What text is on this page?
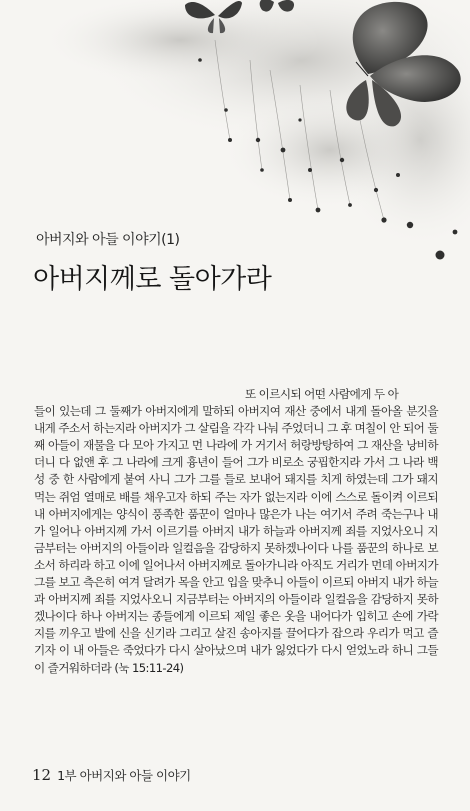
아버지와 아들 이야기(1)
아버지께로 돌아가라
또 이르시되 어떤 사람에게 두 아
들이 있는데 그 둘째가 아버지에게 말하되 아버지여 재산 중에서 내게 돌아올 분깃을 내게 주소서 하는지라 아버지가 그 살림을 각각 나눠 주었더니 그 후 며칠이 안 되어 둘째 아들이 재물을 다 모아 가지고 먼 나라에 가 거기서 허랑방탕하여 그 재산을 낭비하더니 다 없앤 후 그 나라에 크게 흉년이 들어 그가 비로소 궁핍한지라 가서 그 나라 백성 중 한 사람에게 붙여 사니 그가 그를 들로 보내어 돼지를 치게 하였는데 그가 돼지 먹는 쥐엄 열매로 배를 채우고자 하되 주는 자가 없는지라 이에 스스로 돌이켜 이르되 내 아버지에게는 양식이 풍족한 품꾼이 얼마나 많은가 나는 여기서 주려 죽는구나 내가 일어나 아버지께 가서 이르기를 아버지 내가 하늘과 아버지께 죄를 지었사오니 지금부터는 아버지의 아들이라 일컬음을 감당하지 못하겠나이다 나를 품꾼의 하나로 보소서 하리라 하고 이에 일어나서 아버지께로 돌아가니라 아직도 거리가 먼데 아버지가 그를 보고 측은히 여겨 달려가 목을 안고 입을 맞추니 아들이 이르되 아버지 내가 하늘과 아버지께 죄를 지었사오니 지금부터는 아버지의 아들이라 일컬음을 감당하지 못하겠나이다 하나 아버지는 종들에게 이르되 제일 좋은 옷을 내어다가 입히고 손에 가락지를 끼우고 발에 신을 신기라 그리고 살진 송아지를 끌어다가 잡으라 우리가 먹고 즐기자 이 내 아들은 죽었다가 다시 살아났으며 내가 잃었다가 다시 얻었노라 하니 그들이 즐거워하더라 (눅 15:11-24)
12 1부 아버지와 아들 이야기
